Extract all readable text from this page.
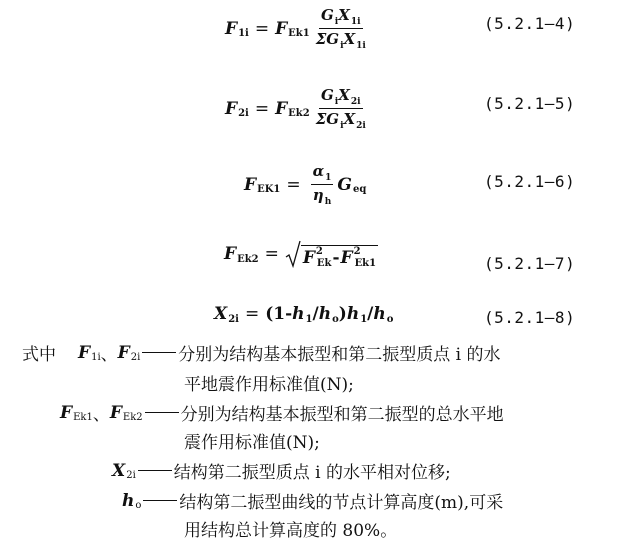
F 1i = F $Ek1 \frac{G_iX_{1i}}{\Sigma G_iX_{1i}}$	(5.2.1—4)
F 2i = F $Ek2 \frac{G_iX_{2i}}{\Sigma G_iX_{2i}}$	(5.2.1—5)
F $EK1 = \frac{\alpha_1}{\eta_h}$ G eq	(5.2.1—6)
F Ek2 = F 2
Ek - F 2
Ek1	(5.2.1—7)
X 2i = (1- h 1 / h o ) h 1 / h o	(5.2.1—8)
式中 F 1i 、 F 2i 分别为结构基本振型和第二振型质点 i 的水
平地震作用标准值(N);
F Ek1 、 F Ek2 分别为结构基本振型和第二振型的总水平地
震作用标准值(N);
X 2i 结构第二振型质点 i 的水平相对位移;
h o 结构第二振型曲线的节点计算高度(m),可采
用结构总计算高度的 80%。
